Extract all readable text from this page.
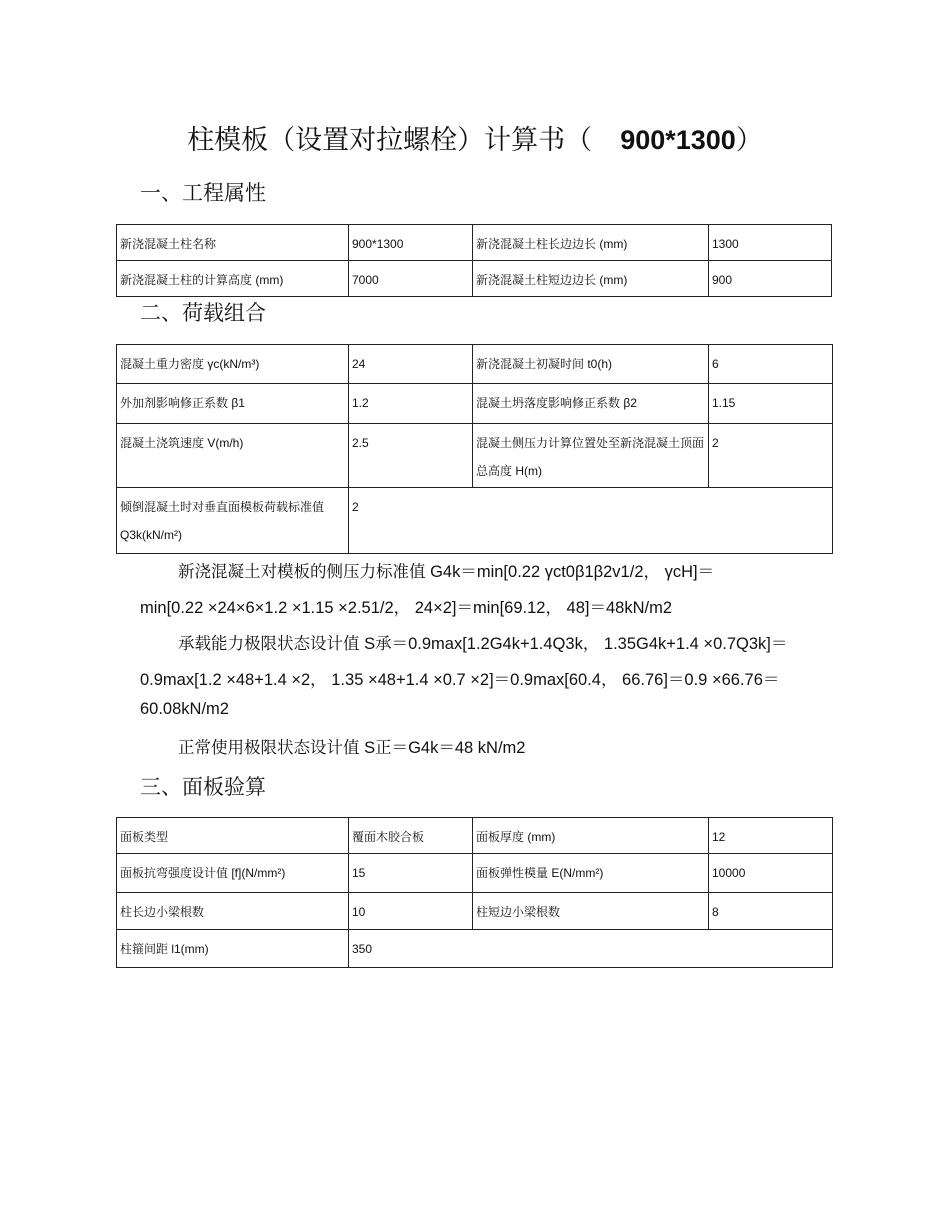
柱模板（设置对拉螺栓）计算书（ 900*1300）
一、工程属性
新浇混凝土柱名称	900*1300	新浇混凝土柱长边边长 (mm)	1300
新浇混凝土柱的计算高度 (mm)	7000	新浇混凝土柱短边边长 (mm)	900
二、荷载组合
混凝土重力密度 γc(kN/m³)	24	新浇混凝土初凝时间 t0(h)	6
外加剂影响修正系数 β1	1.2	混凝土坍落度影响修正系数 β2	1.15
混凝土浇筑速度 V(m/h)	2.5	混凝土侧压力计算位置处至新浇混凝土顶面总高度 H(m)	2
倾倒混凝土时对垂直面模板荷载标准值Q3k(kN/m²)	2		
新浇混凝土对模板的侧压力标准值 G4k＝min[0.22 γct0β1β2v1/2， γcH]＝
min[0.22 ×24×6×1.2 ×1.15 ×2.51/2， 24×2]＝min[69.12， 48]＝48kN/m2
承载能力极限状态设计值 S承＝0.9max[1.2G4k+1.4Q3k， 1.35G4k+1.4 ×0.7Q3k]＝
0.9max[1.2 ×48+1.4 ×2， 1.35 ×48+1.4 ×0.7 ×2]＝0.9max[60.4， 66.76]＝0.9 ×66.76＝
60.08kN/m2
正常使用极限状态设计值 S正＝G4k＝48 kN/m2
三、面板验算
面板类型	覆面木胶合板	面板厚度 (mm)	12
面板抗弯强度设计值 [f](N/mm²)	15	面板弹性模量 E(N/mm²)	10000
柱长边小梁根数	10	柱短边小梁根数	8
柱箍间距 l1(mm)	350		
